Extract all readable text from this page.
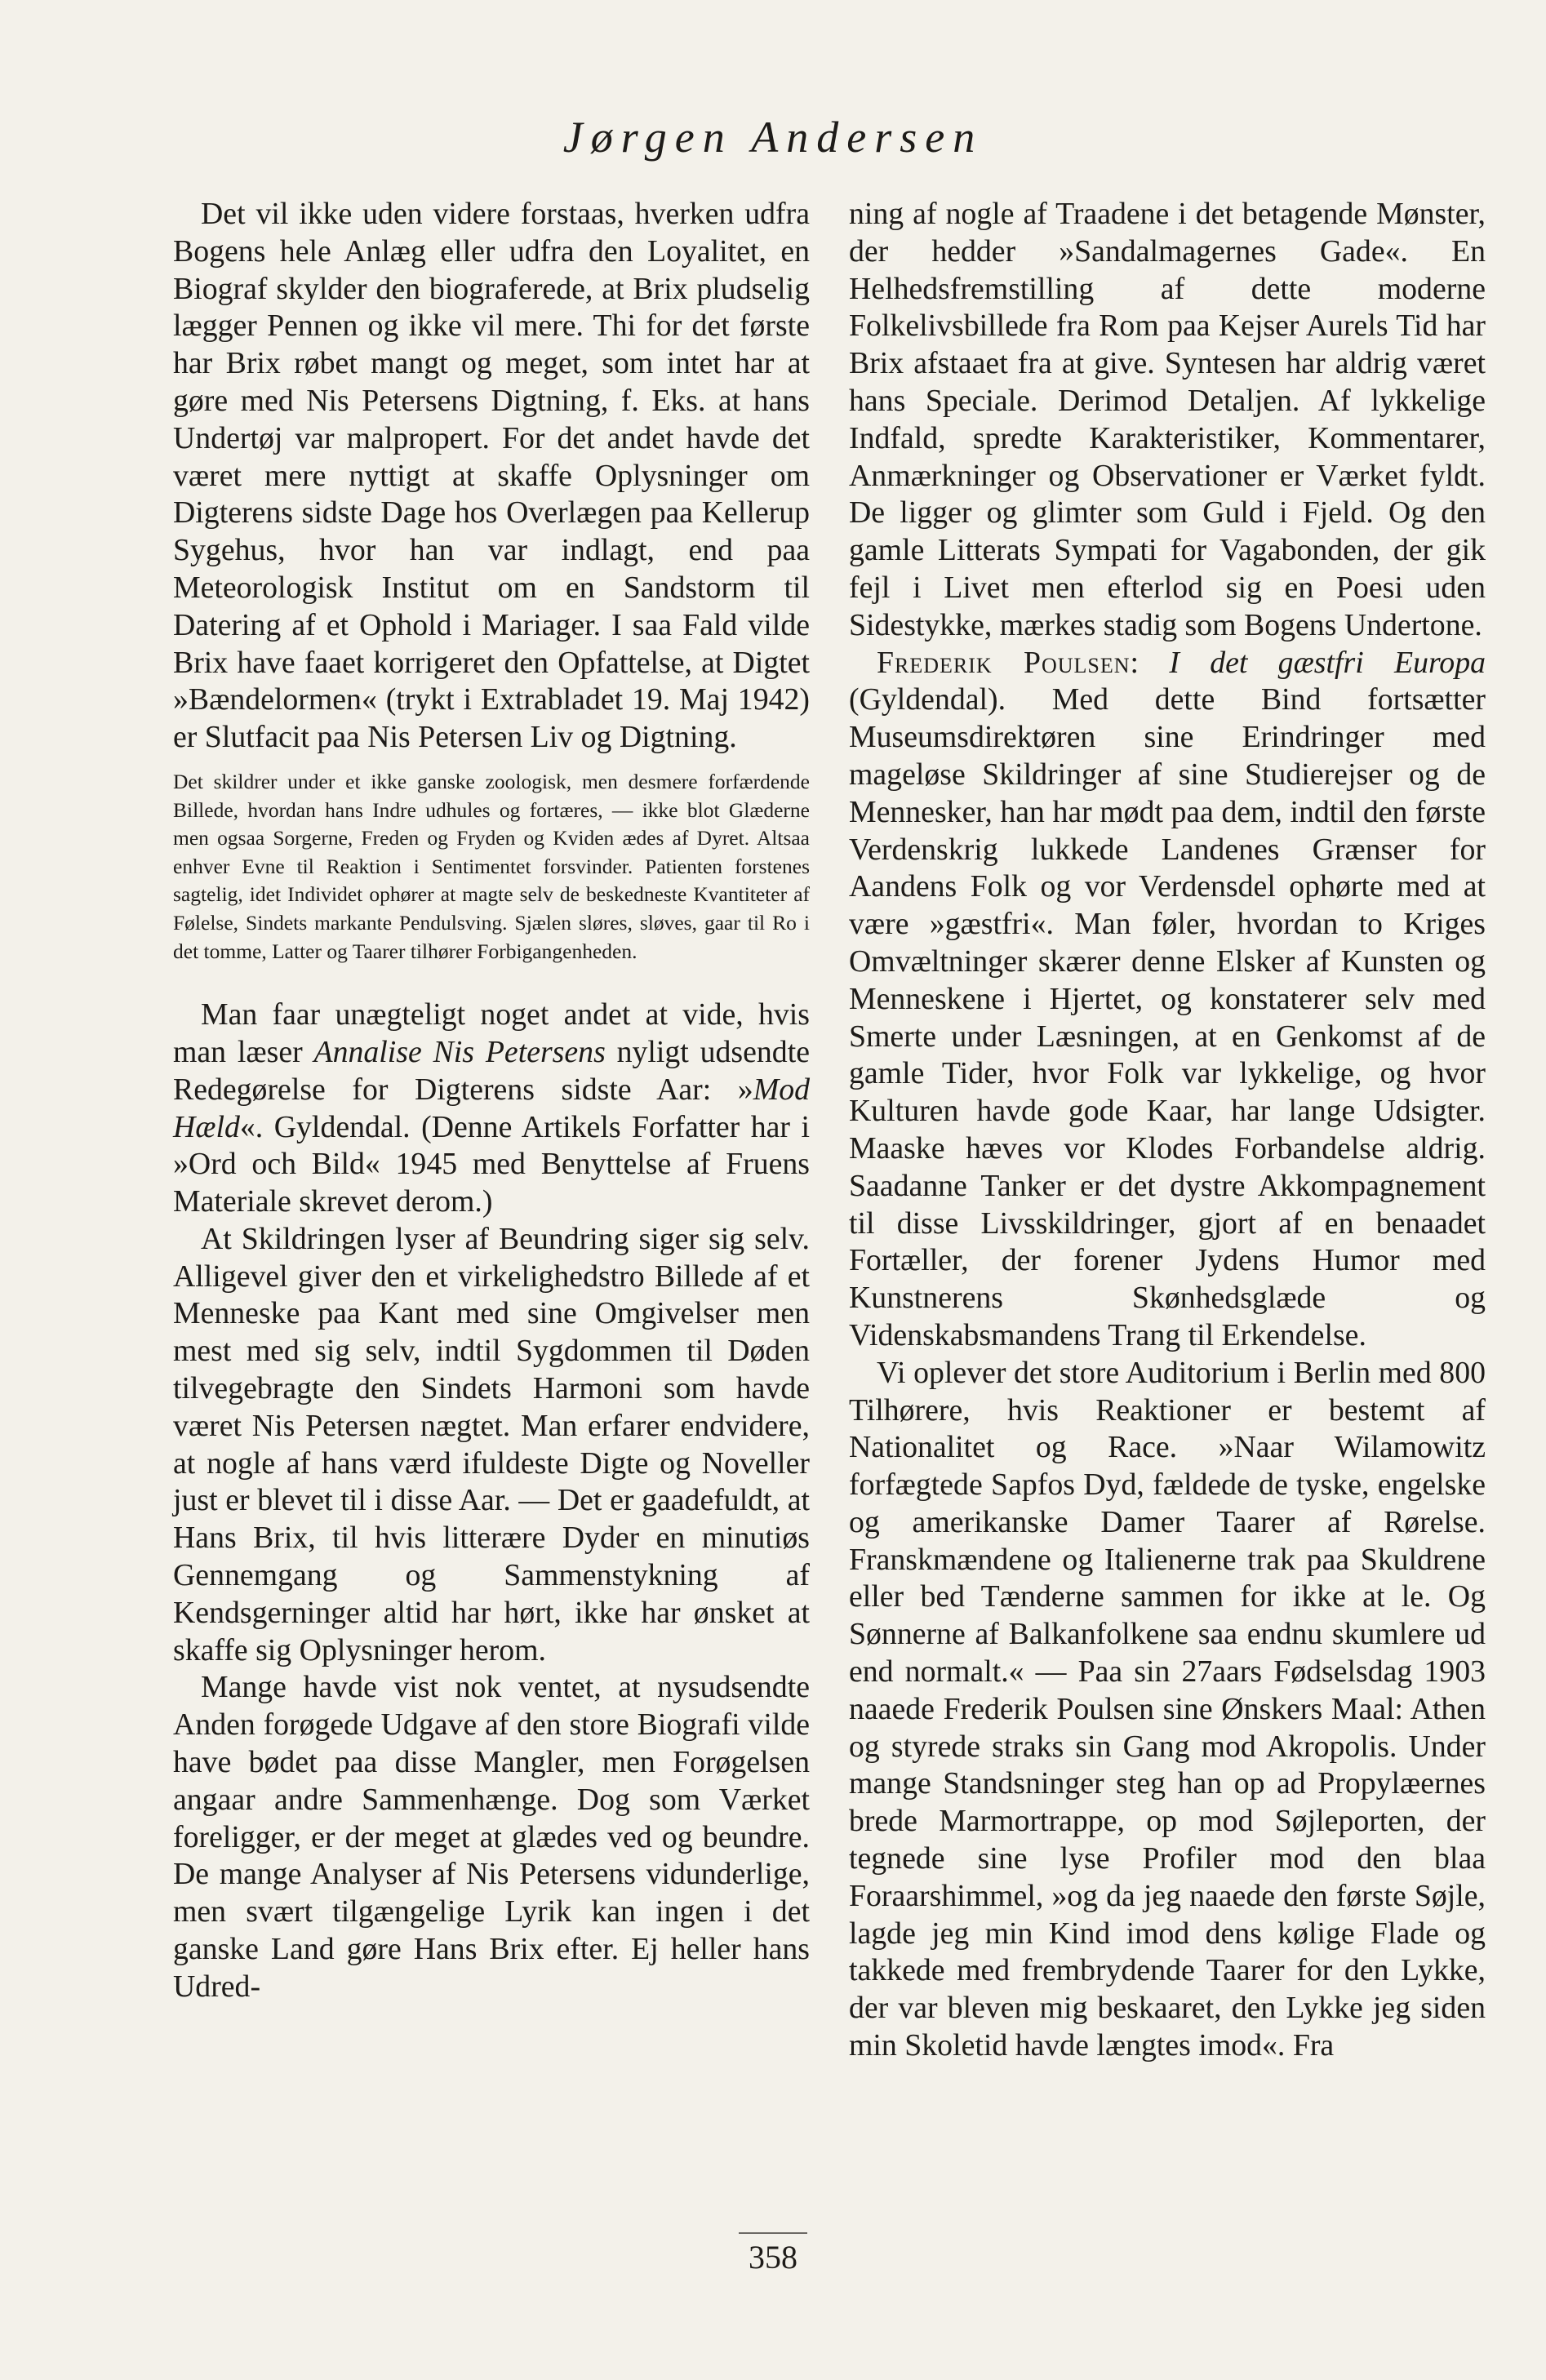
Jørgen Andersen

Det vil ikke uden videre forstaas, hverken udfra Bogens hele Anlæg eller udfra den Loyalitet, en Biograf skylder den biograferede, at Brix pludselig lægger Pennen og ikke vil mere. Thi for det første har Brix røbet mangt og meget, som intet har at gøre med Nis Petersens Digtning, f. Eks. at hans Undertøj var malpropert. For det andet havde det været mere nyttigt at skaffe Oplysninger om Digterens sidste Dage hos Overlægen paa Kellerup Sygehus, hvor han var indlagt, end paa Meteorologisk Institut om en Sandstorm til Datering af et Ophold i Mariager. I saa Fald vilde Brix have faaet korrigeret den Opfattelse, at Digtet »Bændelormen« (trykt i Extrabladet 19. Maj 1942) er Slutfacit paa Nis Petersen Liv og Digtning.

Det skildrer under et ikke ganske zoologisk, men desmere forfærdende Billede, hvordan hans Indre udhules og fortæres, — ikke blot Glæderne men ogsaa Sorgerne, Freden og Fryden og Kviden ædes af Dyret. Altsaa enhver Evne til Reaktion i Sentimentet forsvinder. Patienten forstenes sagtelig, idet Individet ophører at magte selv de beskedneste Kvantiteter af Følelse, Sindets markante Pendulsving. Sjælen sløres, sløves, gaar til Ro i det tomme, Latter og Taarer tilhører Forbigangenheden.

Man faar unægteligt noget andet at vide, hvis man læser Annalise Nis Petersens nyligt udsendte Redegørelse for Digterens sidste Aar: »Mod Hæld«. Gyldendal. (Denne Artikels Forfatter har i »Ord och Bild« 1945 med Benyttelse af Fruens Materiale skrevet derom.)

At Skildringen lyser af Beundring siger sig selv. Alligevel giver den et virkelighedstro Billede af et Menneske paa Kant med sine Omgivelser men mest med sig selv, indtil Sygdommen til Døden tilvegebragte den Sindets Harmoni som havde været Nis Petersen nægtet. Man erfarer endvidere, at nogle af hans værd ifuldeste Digte og Noveller just er blevet til i disse Aar. — Det er gaadefuldt, at Hans Brix, til hvis litterære Dyder en minutiøs Gennemgang og Sammenstykning af Kendsgerninger altid har hørt, ikke har ønsket at skaffe sig Oplysninger herom.

Mange havde vist nok ventet, at nysudsendte Anden forøgede Udgave af den store Biografi vilde have bødet paa disse Mangler, men Forøgelsen angaar andre Sammenhænge. Dog som Værket foreligger, er der meget at glædes ved og beundre. De mange Analyser af Nis Petersens vidunderlige, men svært tilgængelige Lyrik kan ingen i det ganske Land gøre Hans Brix efter. Ej heller hans Udred-

ning af nogle af Traadene i det betagende Mønster, der hedder »Sandalmagernes Gade«. En Helhedsfremstilling af dette moderne Folkelivsbillede fra Rom paa Kejser Aurels Tid har Brix afstaaet fra at give. Syntesen har aldrig været hans Speciale. Derimod Detaljen. Af lykkelige Indfald, spredte Karakteristiker, Kommentarer, Anmærkninger og Observationer er Værket fyldt. De ligger og glimter som Guld i Fjeld. Og den gamle Litterats Sympati for Vagabonden, der gik fejl i Livet men efterlod sig en Poesi uden Sidestykke, mærkes stadig som Bogens Undertone.

Frederik Poulsen: I det gæstfri Europa (Gyldendal). Med dette Bind fortsætter Museumsdirektøren sine Erindringer med mageløse Skildringer af sine Studierejser og de Mennesker, han har mødt paa dem, indtil den første Verdenskrig lukkede Landenes Grænser for Aandens Folk og vor Verdensdel ophørte med at være »gæstfri«. Man føler, hvordan to Kriges Omvæltninger skærer denne Elsker af Kunsten og Menneskene i Hjertet, og konstaterer selv med Smerte under Læsningen, at en Genkomst af de gamle Tider, hvor Folk var lykkelige, og hvor Kulturen havde gode Kaar, har lange Udsigter. Maaske hæves vor Klodes Forbandelse aldrig. Saadanne Tanker er det dystre Akkompagnement til disse Livsskildringer, gjort af en benaadet Fortæller, der forener Jydens Humor med Kunstnerens Skønhedsglæde og Videnskabsmandens Trang til Erkendelse.

Vi oplever det store Auditorium i Berlin med 800 Tilhørere, hvis Reaktioner er bestemt af Nationalitet og Race. »Naar Wilamowitz forfægtede Sapfos Dyd, fældede de tyske, engelske og amerikanske Damer Taarer af Rørelse. Franskmændene og Italienerne trak paa Skuldrene eller bed Tænderne sammen for ikke at le. Og Sønnerne af Balkanfolkene saa endnu skumlere ud end normalt.« — Paa sin 27aars Fødselsdag 1903 naaede Frederik Poulsen sine Ønskers Maal: Athen og styrede straks sin Gang mod Akropolis. Under mange Standsninger steg han op ad Propylæernes brede Marmortrappe, op mod Søjleporten, der tegnede sine lyse Profiler mod den blaa Foraarshimmel, »og da jeg naaede den første Søjle, lagde jeg min Kind imod dens kølige Flade og takkede med frembrydende Taarer for den Lykke, der var bleven mig beskaaret, den Lykke jeg siden min Skoletid havde længtes imod«. Fra

358
